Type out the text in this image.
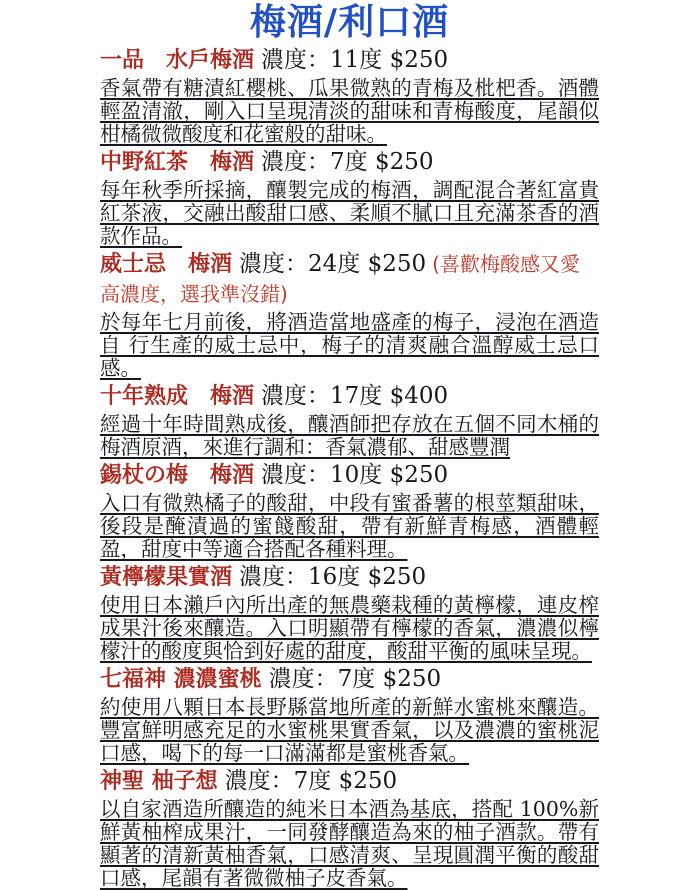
梅酒/利口酒
一品　水戶梅酒 濃度：11度 $250
香氣帶有糖漬紅櫻桃、瓜果微熟的青梅及枇杷香。酒體輕盈清澈，剛入口呈現清淡的甜味和青梅酸度，尾韻似柑橘微微酸度和花蜜般的甜味。
中野紅茶　梅酒 濃度：7度 $250
每年秋季所採摘，釀製完成的梅酒，調配混合著紅富貴紅茶液，交融出酸甜口感、柔順不膩口且充滿茶香的酒款作品。
威士忌　梅酒 濃度：24度 $250 (喜歡梅酸感又愛高濃度，選我準沒錯)
於每年七月前後，將酒造當地盛產的梅子，浸泡在酒造自 行生產的威士忌中，梅子的清爽融合溫醇威士忌口感。
十年熟成　梅酒 濃度：17度 $400
經過十年時間熟成後，釀酒師把存放在五個不同木桶的梅酒原酒，來進行調和：香氣濃郁、甜感豐潤
錫杖の梅　梅酒 濃度：10度 $250
入口有微熟橘子的酸甜，中段有蜜番薯的根莖類甜味，後段是醃漬過的蜜餞酸甜，帶有新鮮青梅感，酒體輕盈，甜度中等適合搭配各種料理。
黃檸檬果實酒 濃度：16度 $250
使用日本瀨戶內所出產的無農藥栽種的黃檸檬，連皮榨成果汁後來釀造。入口明顯帶有檸檬的香氣，濃濃似檸檬汁的酸度與恰到好處的甜度，酸甜平衡的風味呈現。
七福神 濃濃蜜桃 濃度：7度 $250
約使用八顆日本長野縣當地所產的新鮮水蜜桃來釀造。豐富鮮明感充足的水蜜桃果實香氣，以及濃濃的蜜桃泥口感，喝下的每一口滿滿都是蜜桃香氣。
神聖 柚子想 濃度：7度 $250
以自家酒造所釀造的純米日本酒為基底，搭配 100%新鮮黃柚榨成果汁，一同發酵釀造為來的柚子酒款。帶有顯著的清新黃柚香氣，口感清爽、呈現圓潤平衡的酸甜口感，尾韻有著微微柚子皮香氣。
